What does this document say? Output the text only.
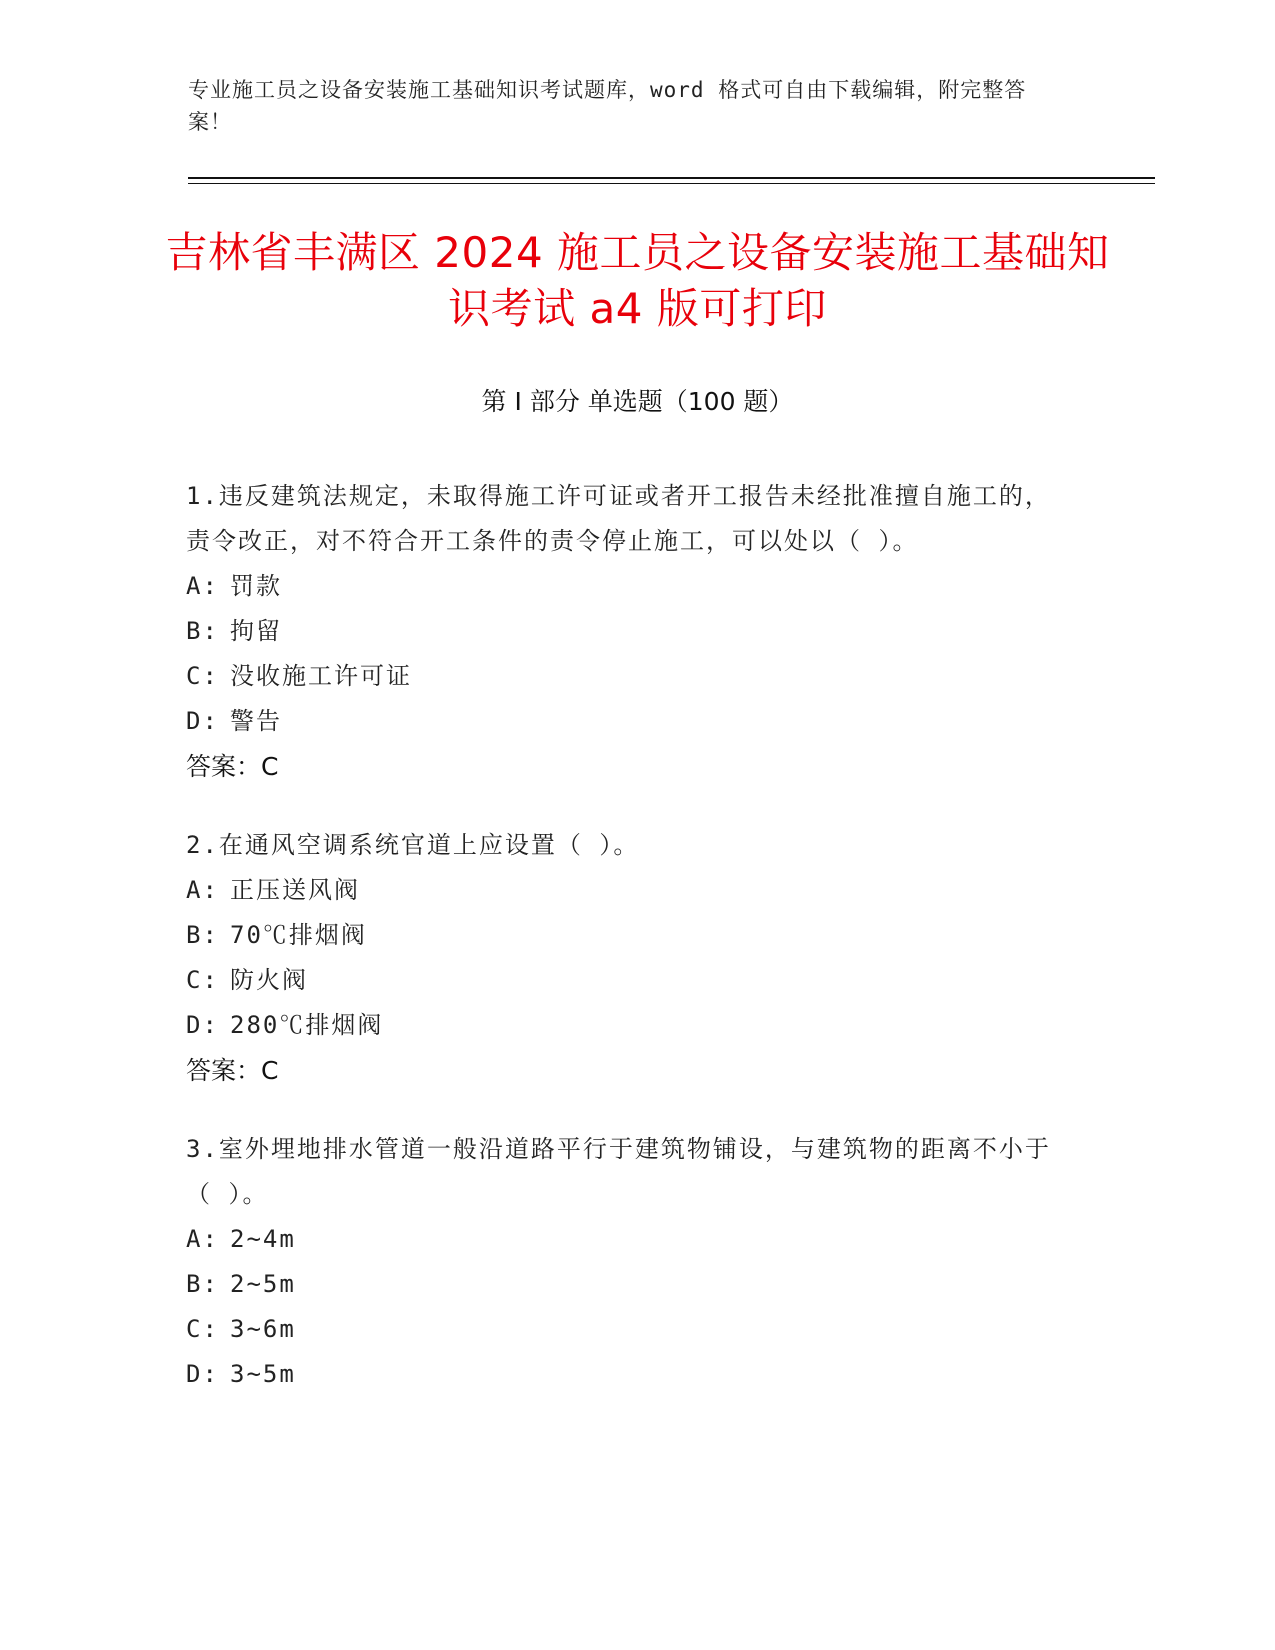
专业施工员之设备安装施工基础知识考试题库，word 格式可自由下载编辑，附完整答案！
吉林省丰满区 2024 施工员之设备安装施工基础知识考试 a4 版可打印
第 I 部分 单选题（100 题）
1.违反建筑法规定，未取得施工许可证或者开工报告未经批准擅自施工的，责令改正，对不符合开工条件的责令停止施工，可以处以（ ）。
A: 罚款
B: 拘留
C: 没收施工许可证
D: 警告
答案：C
2.在通风空调系统官道上应设置（ ）。
A: 正压送风阀
B: 70℃排烟阀
C: 防火阀
D: 280℃排烟阀
答案：C
3.室外埋地排水管道一般沿道路平行于建筑物铺设，与建筑物的距离不小于（ ）。
A: 2~4m
B: 2~5m
C: 3~6m
D: 3~5m
